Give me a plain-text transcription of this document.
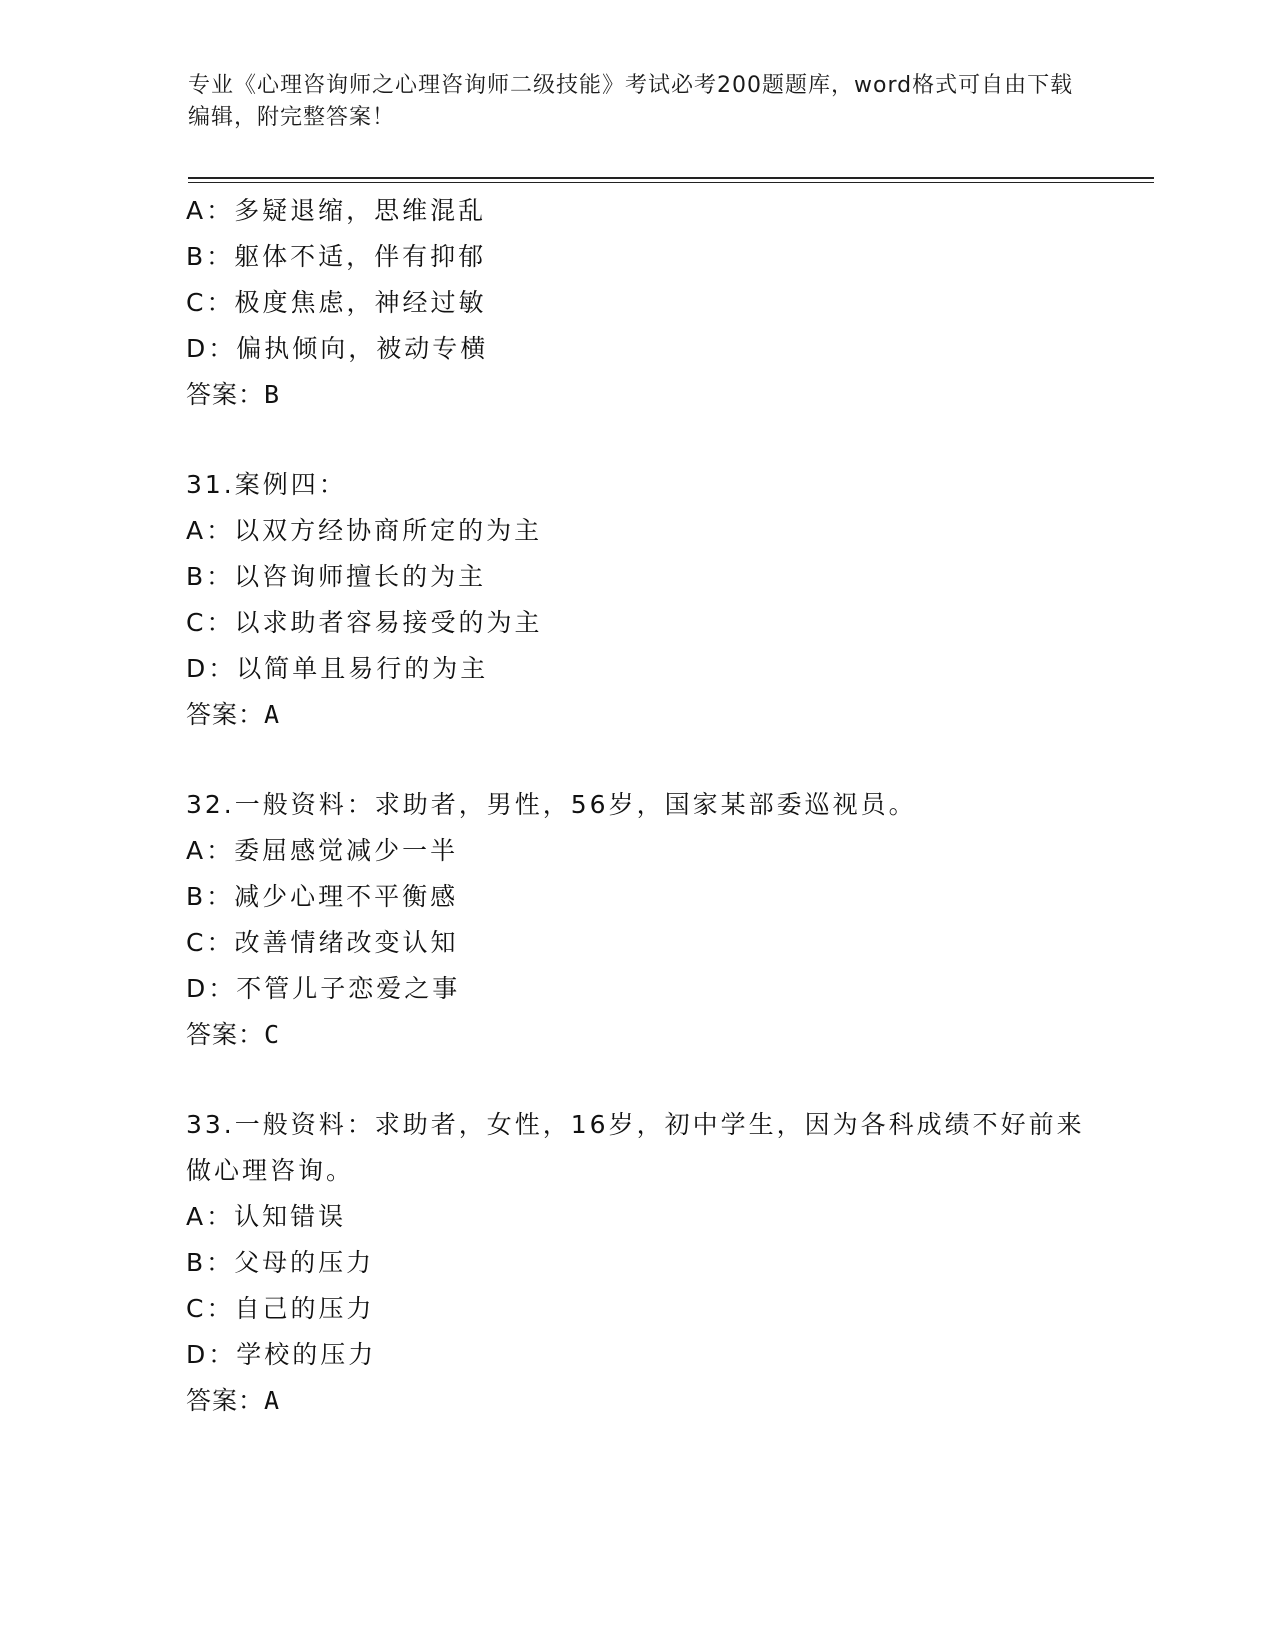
专业《心理咨询师之心理咨询师二级技能》考试必考200题题库，word格式可自由下载编辑，附完整答案！
A：多疑退缩，思维混乱
B：躯体不适，伴有抑郁
C：极度焦虑，神经过敏
D：偏执倾向，被动专横
答案：B
31.案例四：
A：以双方经协商所定的为主
B：以咨询师擅长的为主
C：以求助者容易接受的为主
D：以简单且易行的为主
答案：A
32.一般资料：求助者，男性，56岁，国家某部委巡视员。
A：委屈感觉减少一半
B：减少心理不平衡感
C：改善情绪改变认知
D：不管儿子恋爱之事
答案：C
33.一般资料：求助者，女性，16岁，初中学生，因为各科成绩不好前来做心理咨询。
A：认知错误
B：父母的压力
C：自己的压力
D：学校的压力
答案：A
